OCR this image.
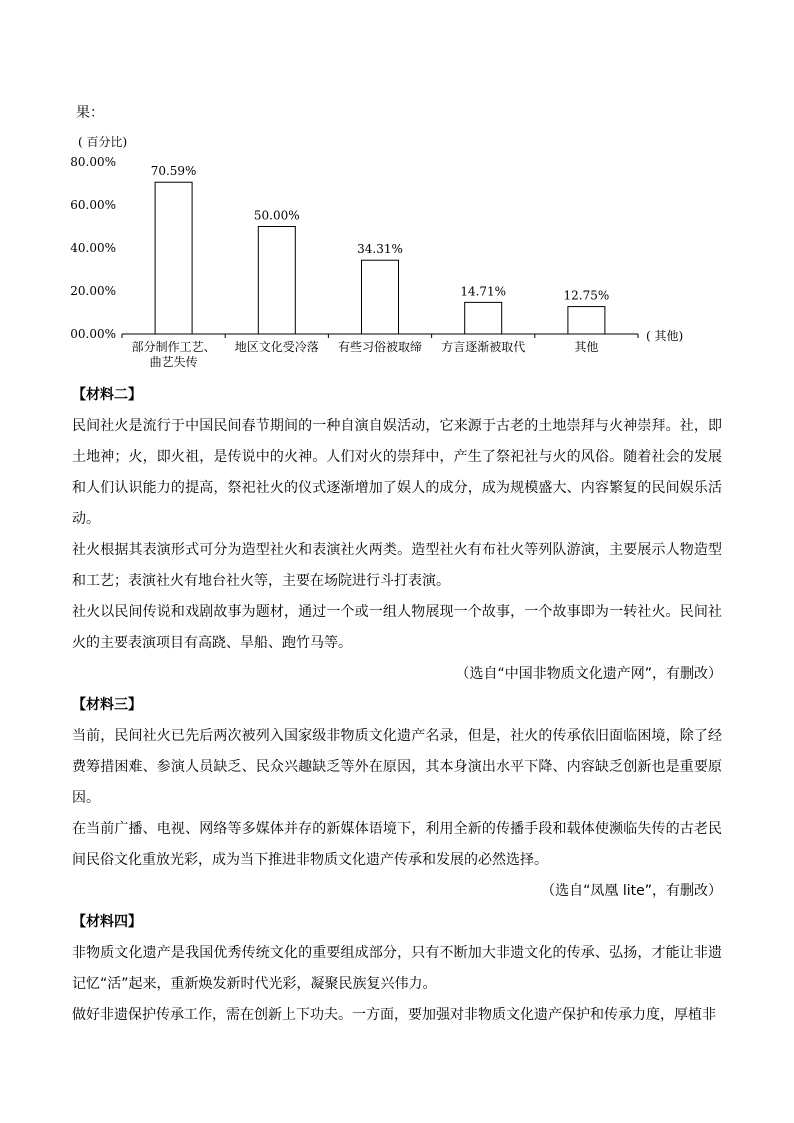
果：
( 百分比)
00.00%
20.00%
40.00%
60.00%
80.00%
70.59%
部分制作工艺、
曲艺失传
50.00%
地区文化受冷落
34.31%
有些习俗被取缔
14.71%
方言逐渐被取代
12.75%
其他
( 其他)

【材料二】

民间社火是流行于中国民间春节期间的一种自演自娱活动，它来源于古老的土地崇拜与火神崇拜。社，即土地神；火，即火祖，是传说中的火神。人们对火的崇拜中，产生了祭祀社与火的风俗。随着社会的发展和人们认识能力的提高，祭祀社火的仪式逐渐增加了娱人的成分，成为规模盛大、内容繁复的民间娱乐活动。

社火根据其表演形式可分为造型社火和表演社火两类。造型社火有布社火等列队游演，主要展示人物造型和工艺；表演社火有地台社火等，主要在场院进行斗打表演。

社火以民间传说和戏剧故事为题材，通过一个或一组人物展现一个故事，一个故事即为一转社火。民间社火的主要表演项目有高跷、旱船、跑竹马等。

（选自“中国非物质文化遗产网”，有删改）

【材料三】

当前，民间社火已先后两次被列入国家级非物质文化遗产名录，但是，社火的传承依旧面临困境，除了经费筹措困难、参演人员缺乏、民众兴趣缺乏等外在原因，其本身演出水平下降、内容缺乏创新也是重要原因。

在当前广播、电视、网络等多媒体并存的新媒体语境下，利用全新的传播手段和载体使濒临失传的古老民间民俗文化重放光彩，成为当下推进非物质文化遗产传承和发展的必然选择。

（选自“凤凰 lite”，有删改）

【材料四】

非物质文化遗产是我国优秀传统文化的重要组成部分，只有不断加大非遗文化的传承、弘扬，才能让非遗记忆“活”起来，重新焕发新时代光彩，凝聚民族复兴伟力。

做好非遗保护传承工作，需在创新上下功夫。一方面，要加强对非物质文化遗产保护和传承力度，厚植非
